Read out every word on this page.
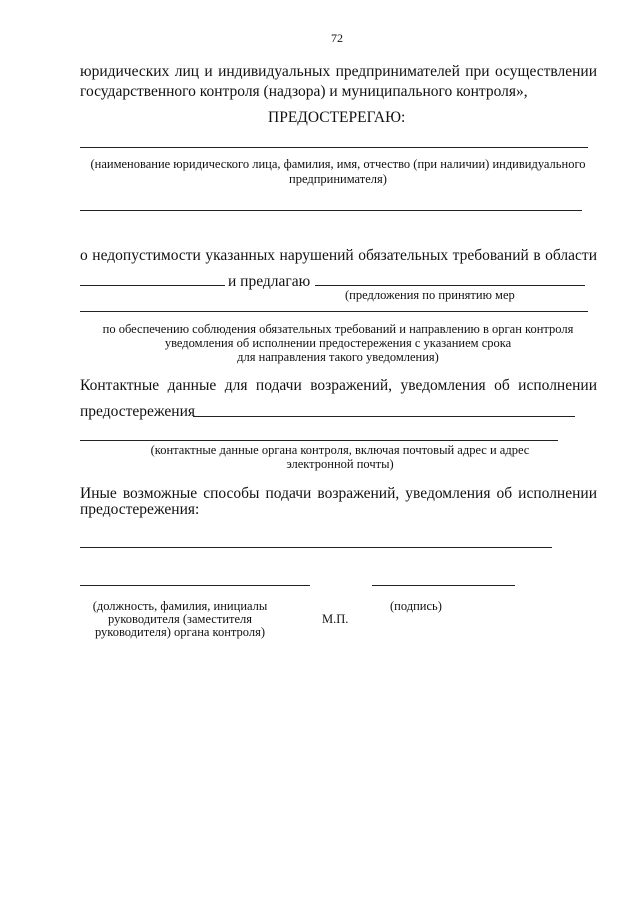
72
юридических лиц и индивидуальных предпринимателей при осуществлении
государственного контроля (надзора) и муниципального контроля»,
ПРЕДОСТЕРЕГАЮ:
(наименование юридического лица, фамилия, имя, отчество (при наличии) индивидуального
предпринимателя)
о недопустимости указанных нарушений обязательных требований в области
и предлагаю
(предложения по принятию мер
по обеспечению соблюдения обязательных требований и направлению в орган контроля
уведомления об исполнении предостережения с указанием срока
для направления такого уведомления)
Контактные данные для подачи возражений, уведомления об исполнении
предостережения
(контактные данные органа контроля, включая почтовый адрес и адрес
электронной почты)
Иные возможные способы подачи возражений, уведомления об исполнении
предостережения:
(должность, фамилия, инициалы
руководителя (заместителя
руководителя) органа контроля)
М.П.
(подпись)
